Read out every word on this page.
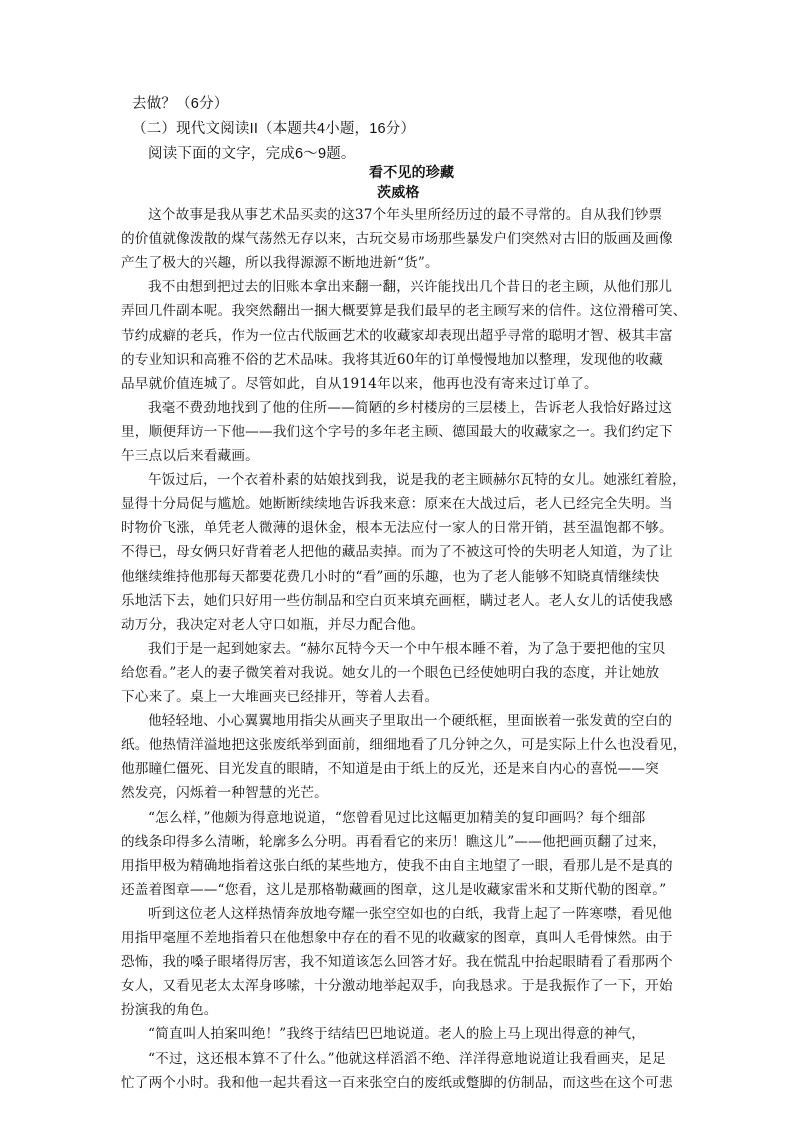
去做？（6分）
（二）现代文阅读II（本题共4小题，16分）
阅读下面的文字，完成6～9题。
看不见的珍藏
茨威格
这个故事是我从事艺术品买卖的这37个年头里所经历过的最不寻常的。自从我们钞票
的价值就像泼散的煤气荡然无存以来，古玩交易市场那些暴发户们突然对古旧的版画及画像
产生了极大的兴趣，所以我得源源不断地进新“货”。
我不由想到把过去的旧账本拿出来翻一翻，兴许能找出几个昔日的老主顾，从他们那儿
弄回几件副本呢。我突然翻出一捆大概要算是我们最早的老主顾写来的信件。这位滑稽可笑、
节约成癖的老兵，作为一位古代版画艺术的收藏家却表现出超乎寻常的聪明才智、极其丰富
的专业知识和高雅不俗的艺术品味。我将其近60年的订单慢慢地加以整理，发现他的收藏
品早就价值连城了。尽管如此，自从1914年以来，他再也没有寄来过订单了。
我毫不费劲地找到了他的住所——简陋的乡村楼房的三层楼上，告诉老人我恰好路过这
里，顺便拜访一下他——我们这个字号的多年老主顾、德国最大的收藏家之一。我们约定下
午三点以后来看藏画。
午饭过后，一个衣着朴素的姑娘找到我，说是我的老主顾赫尔瓦特的女儿。她涨红着脸，
显得十分局促与尴尬。她断断续续地告诉我来意：原来在大战过后，老人已经完全失明。当
时物价飞涨，单凭老人微薄的退休金，根本无法应付一家人的日常开销，甚至温饱都不够。
不得已，母女俩只好背着老人把他的藏品卖掉。而为了不被这可怜的失明老人知道，为了让
他继续维持他那每天都要花费几小时的“看”画的乐趣，也为了老人能够不知晓真情继续快
乐地活下去，她们只好用一些仿制品和空白页来填充画框，瞒过老人。老人女儿的话使我感
动万分，我决定对老人守口如瓶，并尽力配合他。
我们于是一起到她家去。“赫尔瓦特今天一个中午根本睡不着，为了急于要把他的宝贝
给您看。”老人的妻子微笑着对我说。她女儿的一个眼色已经使她明白我的态度，并让她放
下心来了。桌上一大堆画夹已经排开，等着人去看。
他轻轻地、小心翼翼地用指尖从画夹子里取出一个硬纸框，里面嵌着一张发黄的空白的
纸。他热情洋溢地把这张废纸举到面前，细细地看了几分钟之久，可是实际上什么也没看见，
他那瞳仁僵死、目光发直的眼睛，不知道是由于纸上的反光，还是来自内心的喜悦——突
然发亮，闪烁着一种智慧的光芒。
“怎么样，”他颇为得意地说道，“您曾看见过比这幅更加精美的复印画吗？每个细部
的线条印得多么清晰，轮廓多么分明。再看看它的来历！瞧这儿”——他把画页翻了过来，
用指甲极为精确地指着这张白纸的某些地方，使我不由自主地望了一眼，看那儿是不是真的
还盖着图章——“您看，这儿是那格勒藏画的图章，这儿是收藏家雷米和艾斯代勒的图章。”
听到这位老人这样热情奔放地夸耀一张空空如也的白纸，我背上起了一阵寒噤，看见他
用指甲毫厘不差地指着只在他想象中存在的看不见的收藏家的图章，真叫人毛骨悚然。由于
恐怖，我的嗓子眼堵得厉害，我不知道该怎么回答才好。我在慌乱中抬起眼睛看了看那两个
女人，又看见老太太浑身哆嗦，十分激动地举起双手，向我恳求。于是我振作了一下，开始
扮演我的角色。
“简直叫人拍案叫绝！”我终于结结巴巴地说道。老人的脸上马上现出得意的神气，
“不过，这还根本算不了什么。”他就这样滔滔不绝、洋洋得意地说道让我看画夹，足足
忙了两个小时。我和他一起共看这一百来张空白的废纸或蹩脚的仿制品，而这些在这个可悲
